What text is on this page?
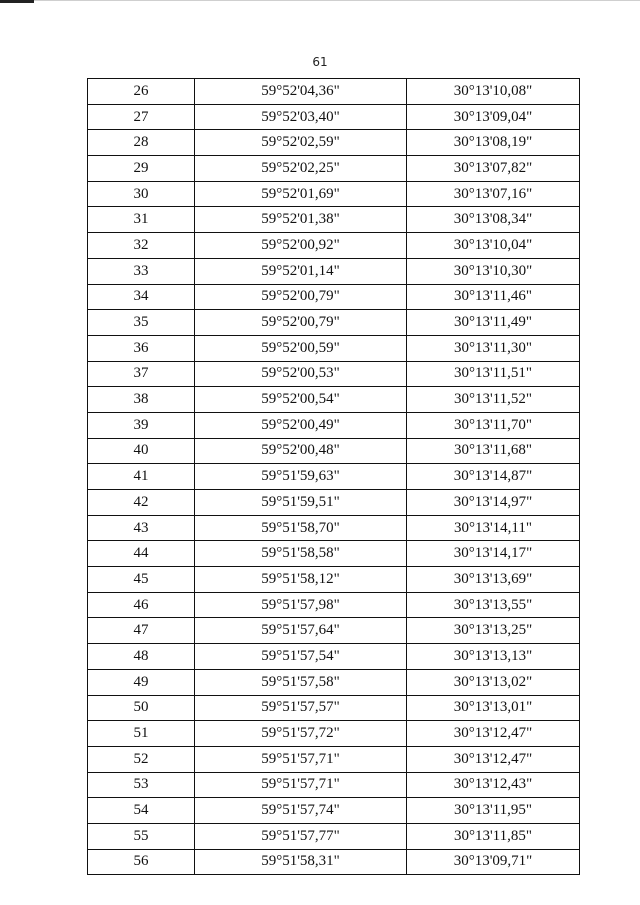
61
26	59°52'04,36"	30°13'10,08"
27	59°52'03,40"	30°13'09,04"
28	59°52'02,59"	30°13'08,19"
29	59°52'02,25"	30°13'07,82"
30	59°52'01,69"	30°13'07,16"
31	59°52'01,38"	30°13'08,34"
32	59°52'00,92"	30°13'10,04"
33	59°52'01,14"	30°13'10,30"
34	59°52'00,79"	30°13'11,46"
35	59°52'00,79"	30°13'11,49"
36	59°52'00,59"	30°13'11,30"
37	59°52'00,53"	30°13'11,51"
38	59°52'00,54"	30°13'11,52"
39	59°52'00,49"	30°13'11,70"
40	59°52'00,48"	30°13'11,68"
41	59°51'59,63"	30°13'14,87"
42	59°51'59,51"	30°13'14,97"
43	59°51'58,70"	30°13'14,11"
44	59°51'58,58"	30°13'14,17"
45	59°51'58,12"	30°13'13,69"
46	59°51'57,98"	30°13'13,55"
47	59°51'57,64"	30°13'13,25"
48	59°51'57,54"	30°13'13,13"
49	59°51'57,58"	30°13'13,02"
50	59°51'57,57"	30°13'13,01"
51	59°51'57,72"	30°13'12,47"
52	59°51'57,71"	30°13'12,47"
53	59°51'57,71"	30°13'12,43"
54	59°51'57,74"	30°13'11,95"
55	59°51'57,77"	30°13'11,85"
56	59°51'58,31"	30°13'09,71"
